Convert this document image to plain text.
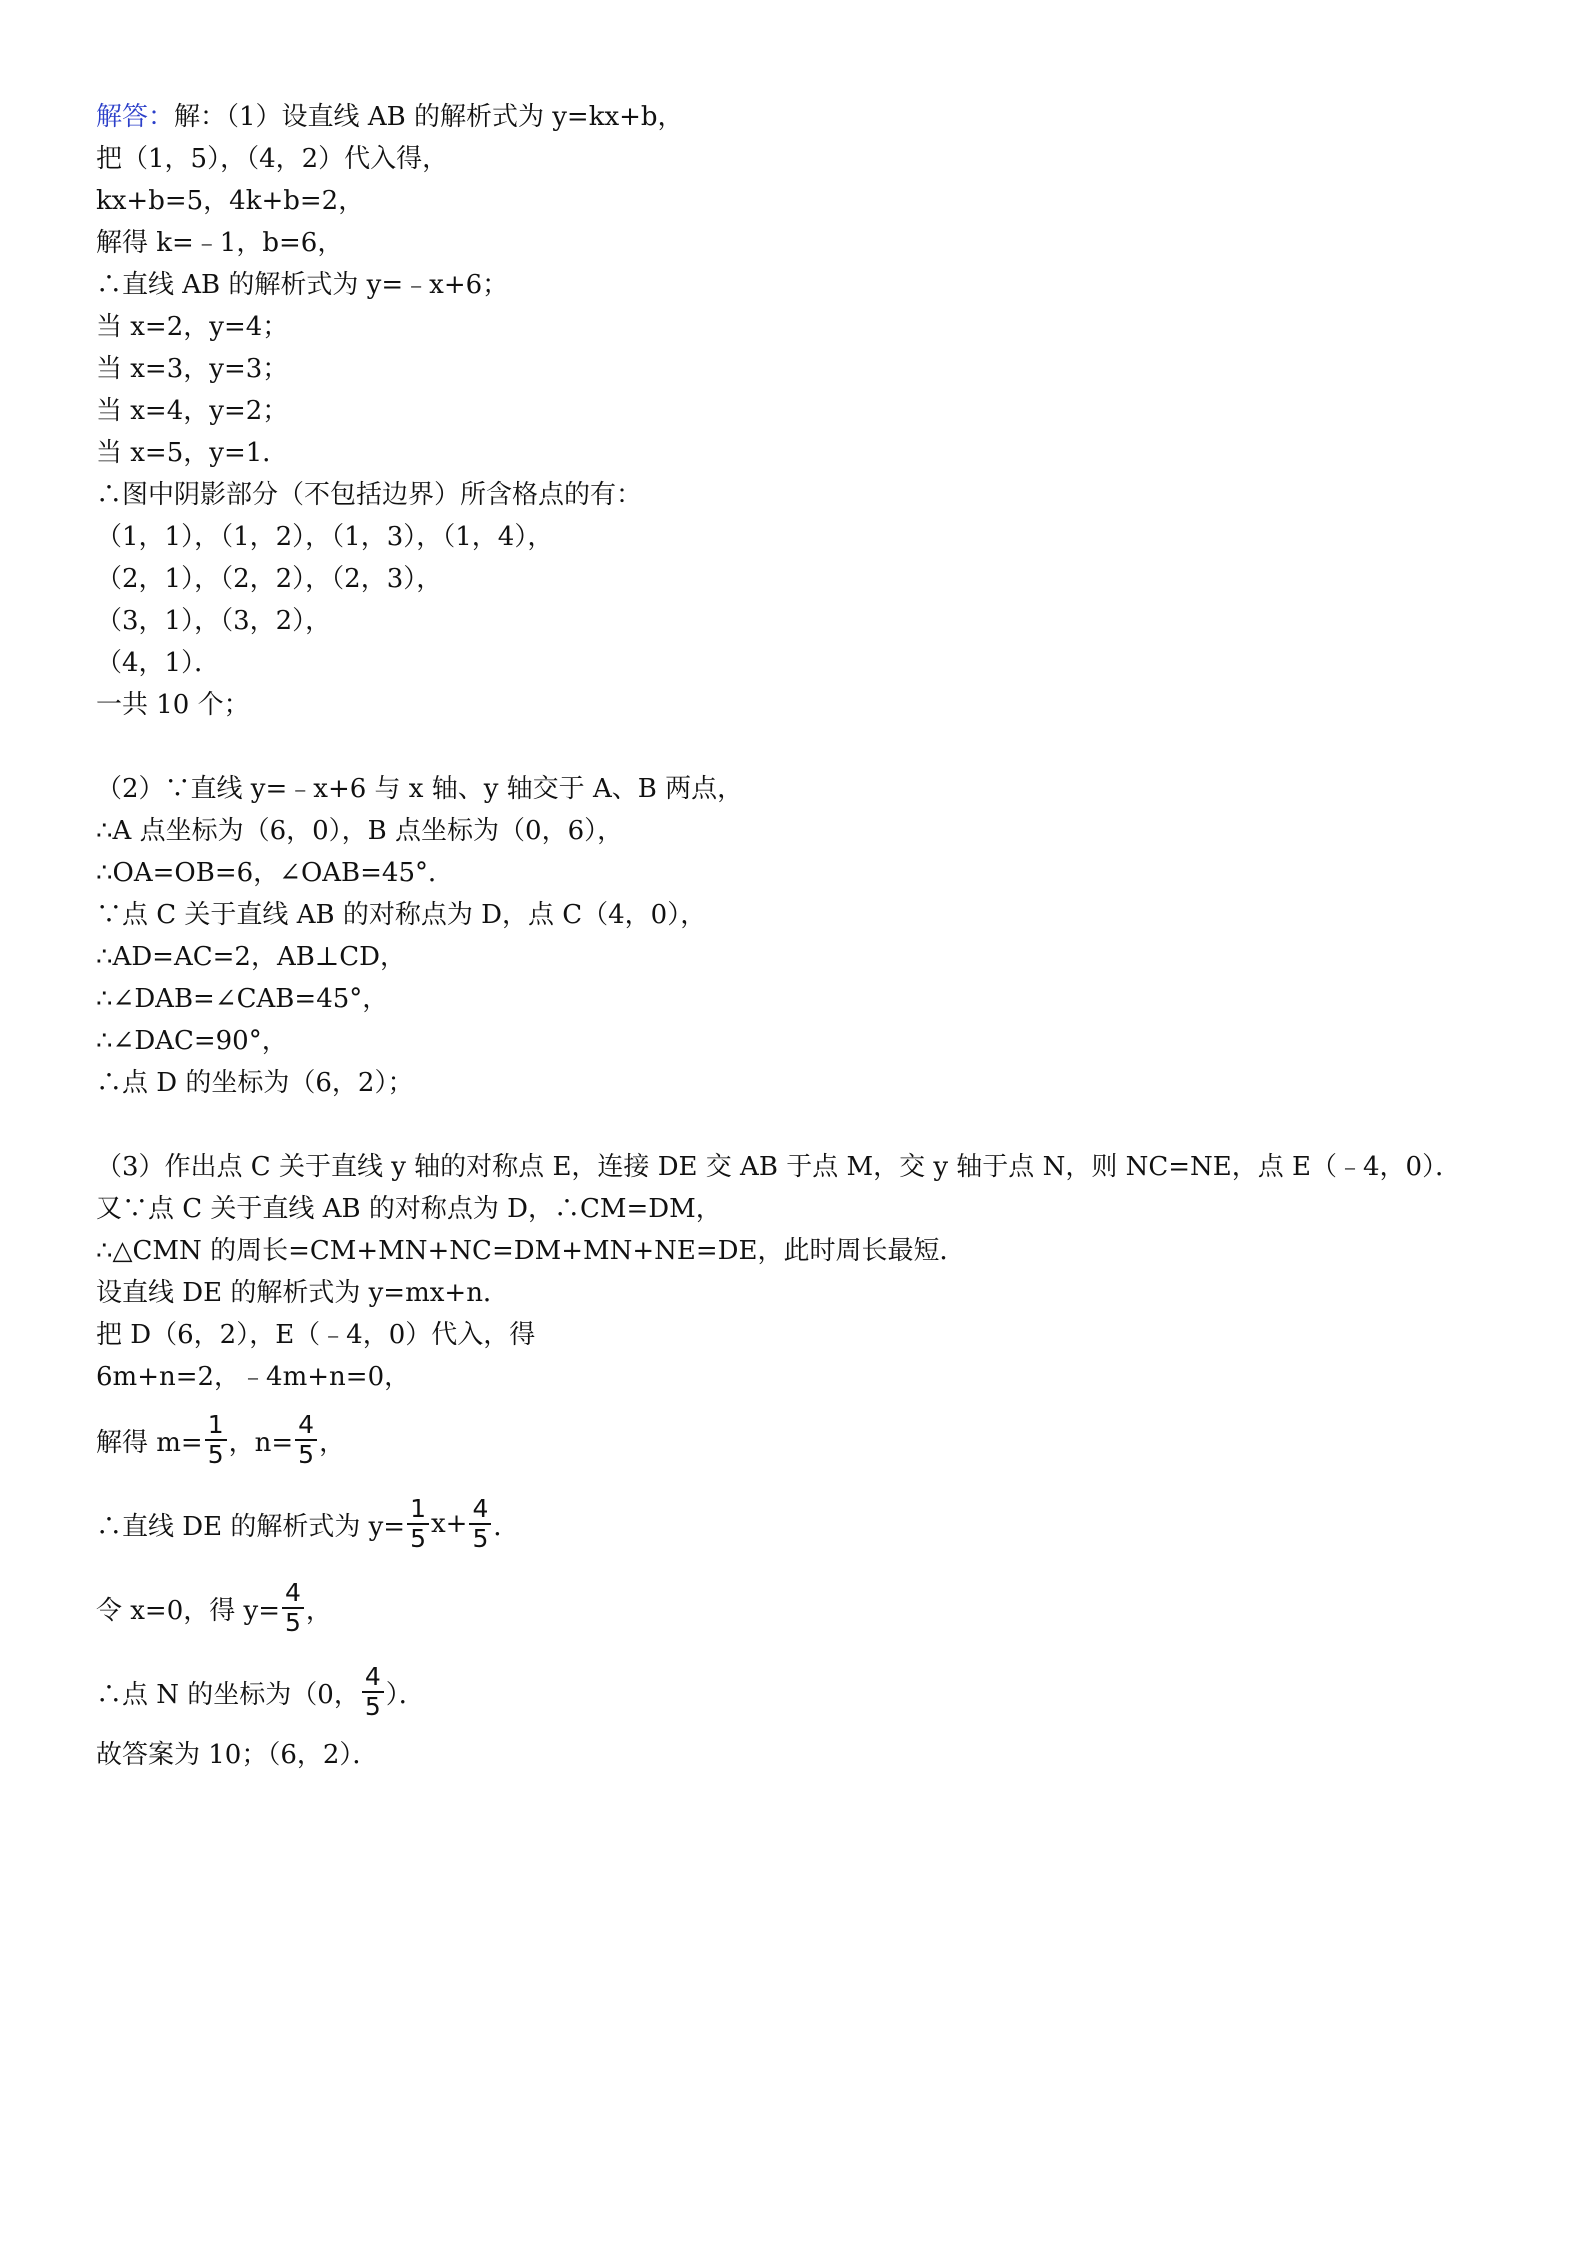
解答：解：（1）设直线 AB 的解析式为 y=kx+b，
把（1，5），（4，2）代入得，
kx+b=5，4k+b=2，
解得 k=﹣1，b=6，
∴直线 AB 的解析式为 y=﹣x+6；
当 x=2，y=4；
当 x=3，y=3；
当 x=4，y=2；
当 x=5，y=1．
∴图中阴影部分（不包括边界）所含格点的有：
（1，1），（1，2），（1，3），（1，4），
（2，1），（2，2），（2，3），
（3，1），（3，2），
（4，1）．
一共 10 个；
（2）∵直线 y=﹣x+6 与 x 轴、y 轴交于 A、B 两点，
∴A 点坐标为（6，0），B 点坐标为（0，6），
∴OA=OB=6，∠OAB=45°．
∵点 C 关于直线 AB 的对称点为 D，点 C（4，0），
∴AD=AC=2，AB⊥CD，
∴∠DAB=∠CAB=45°，
∴∠DAC=90°，
∴点 D 的坐标为（6，2）；
（3）作出点 C 关于直线 y 轴的对称点 E，连接 DE 交 AB 于点 M，交 y 轴于点 N，则 NC=NE，点 E（﹣4，0）．
又∵点 C 关于直线 AB 的对称点为 D，∴CM=DM，
∴△CMN 的周长=CM+MN+NC=DM+MN+NE=DE，此时周长最短．
设直线 DE 的解析式为 y=mx+n．
把 D（6，2），E（﹣4，0）代入，得
6m+n=2，﹣4m+n=0，
解得 $m= \frac{1}{5}$ ，$n= \frac{4}{5}$ ，
∴直线 DE 的解析式为 $y= \frac{1}{5} x+ \frac{4}{5}$ ．
令 x=0，得 $y= \frac{4}{5}$ ，
∴点 N 的坐标为（0， $\frac{4}{5}$ ）．
故答案为 10；（6，2）．
